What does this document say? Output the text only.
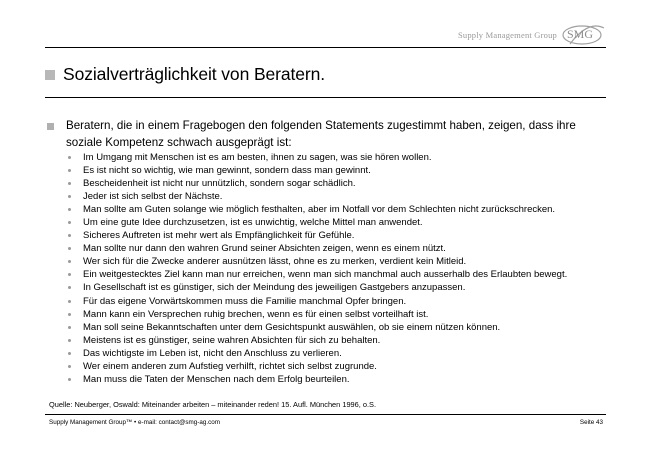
Supply Management Group SMG
Sozialverträglichkeit von Beratern.
Beratern, die in einem Fragebogen den folgenden Statements zugestimmt haben, zeigen, dass ihre soziale Kompetenz schwach ausgeprägt ist:
Im Umgang mit Menschen ist es am besten, ihnen zu sagen, was sie hören wollen.
Es ist nicht so wichtig, wie man gewinnt, sondern dass man gewinnt.
Bescheidenheit ist nicht nur unnützlich, sondern sogar schädlich.
Jeder ist sich selbst der Nächste.
Man sollte am Guten solange wie möglich festhalten, aber im Notfall vor dem Schlechten nicht zurückschrecken.
Um eine gute Idee durchzusetzen, ist es unwichtig, welche Mittel man anwendet.
Sicheres Auftreten ist mehr wert als Empfänglichkeit für Gefühle.
Man sollte nur dann den wahren Grund seiner Absichten zeigen, wenn es einem nützt.
Wer sich für die Zwecke anderer ausnützen lässt, ohne es zu merken, verdient kein Mitleid.
Ein weitgestecktes Ziel kann man nur erreichen, wenn man sich manchmal auch ausserhalb des Erlaubten bewegt.
In Gesellschaft ist es günstiger, sich der Meindung des jeweiligen Gastgebers anzupassen.
Für das eigene Vorwärtskommen muss die Familie manchmal Opfer bringen.
Mann kann ein Versprechen ruhig brechen, wenn es für einen selbst vorteilhaft ist.
Man soll seine Bekanntschaften unter dem Gesichtspunkt auswählen, ob sie einem nützen können.
Meistens ist es günstiger, seine wahren Absichten für sich zu behalten.
Das wichtigste im Leben ist, nicht den Anschluss zu verlieren.
Wer einem anderen zum Aufstieg verhilft, richtet sich selbst zugrunde.
Man muss die Taten der Menschen nach dem Erfolg beurteilen.
Quelle: Neuberger, Oswald: Miteinander arbeiten – miteinander reden! 15. Aufl. München 1996, o.S.
Supply Management Group™ • e-mail: contact@smg-ag.com	Seite 43
